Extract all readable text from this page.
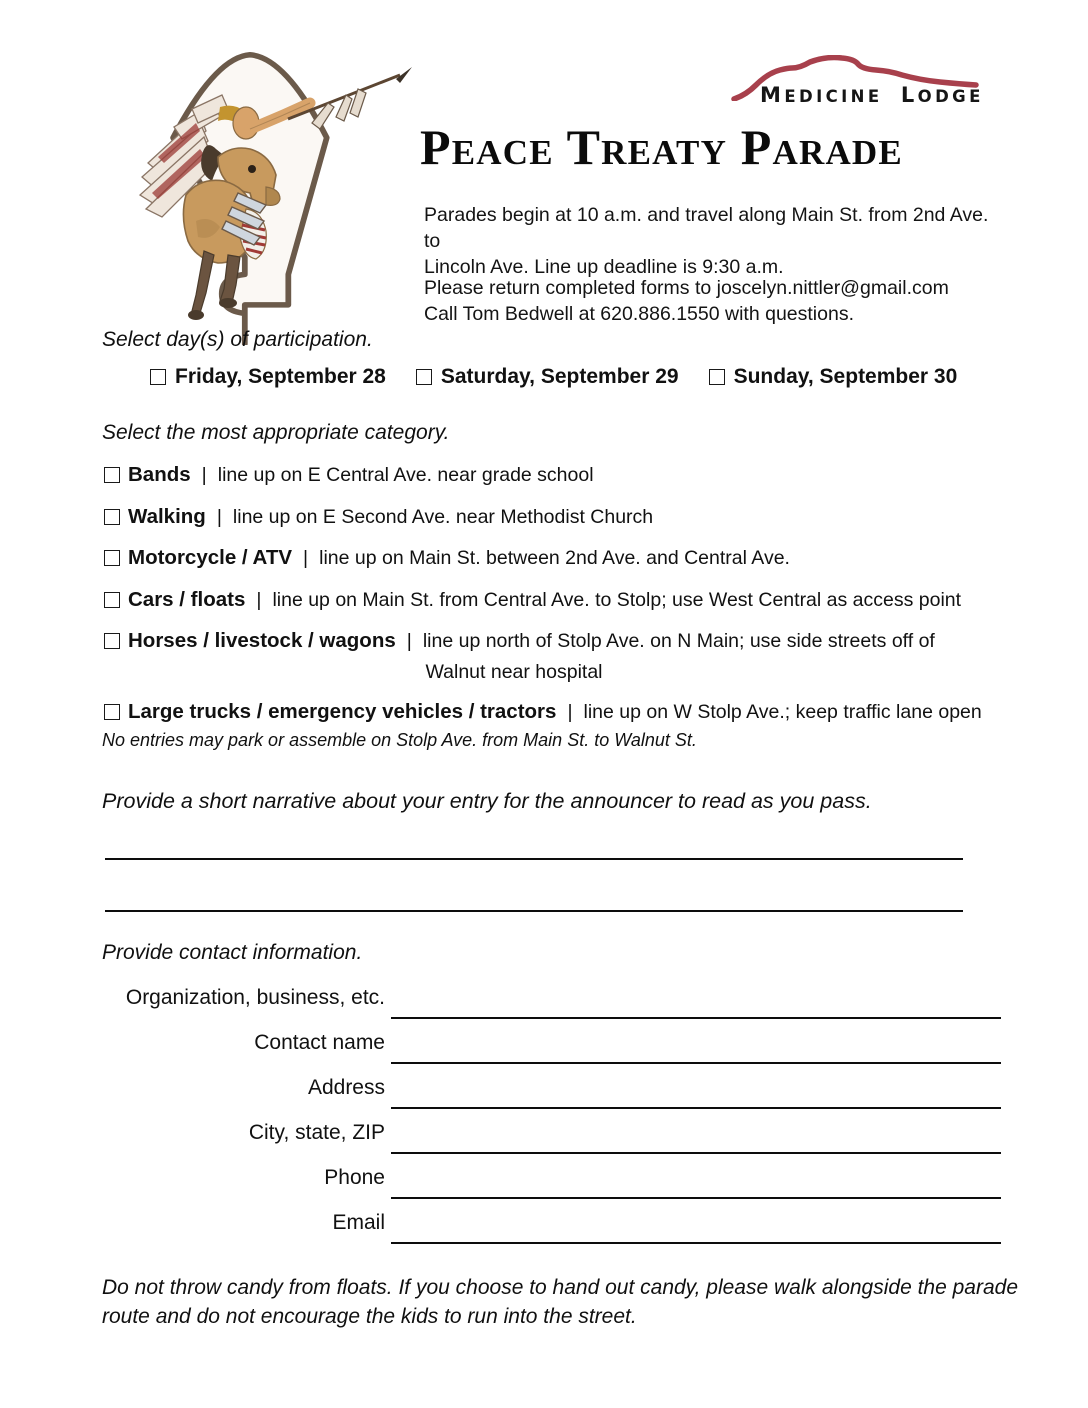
MEDICINE LODGE
Peace Treaty Parade
Parades begin at 10 a.m. and travel along Main St. from 2nd Ave. to
Lincoln Ave. Line up deadline is 9:30 a.m.
Please return completed forms to joscelyn.nittler@gmail.com
Call Tom Bedwell at 620.886.1550 with questions.
Select day(s) of participation.
Friday, September 28	Saturday, September 29	Sunday, September 30
Select the most appropriate category.
Bands | line up on E Central Ave. near grade school
Walking | line up on E Second Ave. near Methodist Church
Motorcycle / ATV | line up on Main St. between 2nd Ave. and Central Ave.
Cars / floats | line up on Main St. from Central Ave. to Stolp; use West Central as access point
Horses / livestock / wagons | line up north of Stolp Ave. on N Main; use side streets off of
Walnut near hospital
Large trucks / emergency vehicles / tractors | line up on W Stolp Ave.; keep traffic lane open
No entries may park or assemble on Stolp Ave. from Main St. to Walnut St.
Provide a short narrative about your entry for the announcer to read as you pass.
Provide contact information.
Organization, business, etc.
Contact name
Address
City, state, ZIP
Phone
Email
Do not throw candy from floats. If you choose to hand out candy, please walk alongside the parade route and do not encourage the kids to run into the street.
